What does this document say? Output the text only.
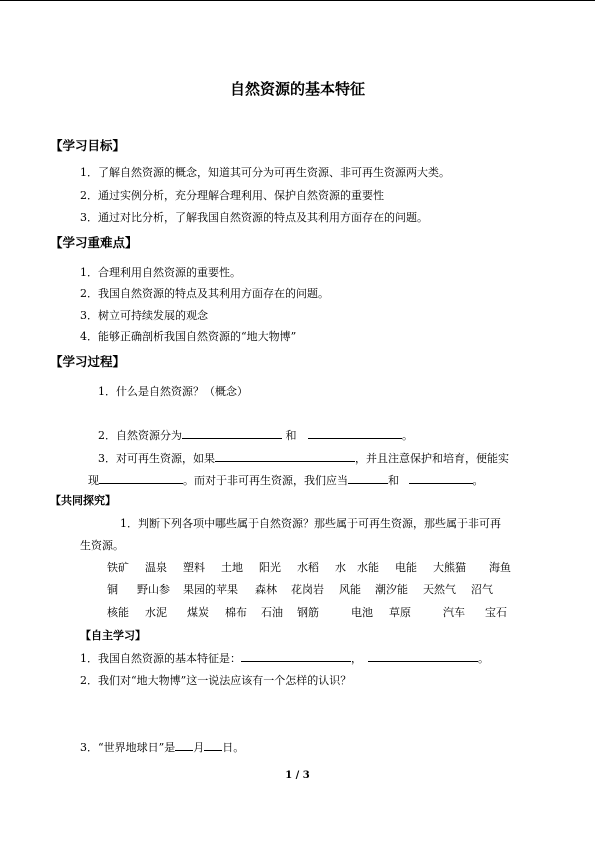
自然资源的基本特征
【学习目标】
1．了解自然资源的概念，知道其可分为可再生资源、非可再生资源两大类。
2．通过实例分析，充分理解合理利用、保护自然资源的重要性
3．通过对比分析，了解我国自然资源的特点及其利用方面存在的问题。
【学习重难点】
1．合理利用自然资源的重要性。
2．我国自然资源的特点及其利用方面存在的问题。
3．树立可持续发展的观念
4．能够正确剖析我国自然资源的“地大物博”
【学习过程】
1．什么是自然资源？（概念）
2．自然资源分为	和	。
3．对可再生资源，如果	，并且注意保护和培育，便能实
现	。而对于非可再生资源，我们应当	和	。
【共同探究】
1．判断下列各项中哪些属于自然资源？那些属于可再生资源，那些属于非可再
生资源。
铁矿	温泉	塑料	土地	阳光	水稻	水	水能	电能	大熊猫	海鱼
铜	野山参	果园的苹果	森林	花岗岩	风能	潮汐能	天然气	沼气
核能	水泥	煤炭	棉布	石油	钢筋	电池	草原	汽车	宝石
【自主学习】
1．我国自然资源的基本特征是：	，	。
2．我们对“地大物博”这一说法应该有一个怎样的认识？
3．“世界地球日”是 月 日。
1 / 3
